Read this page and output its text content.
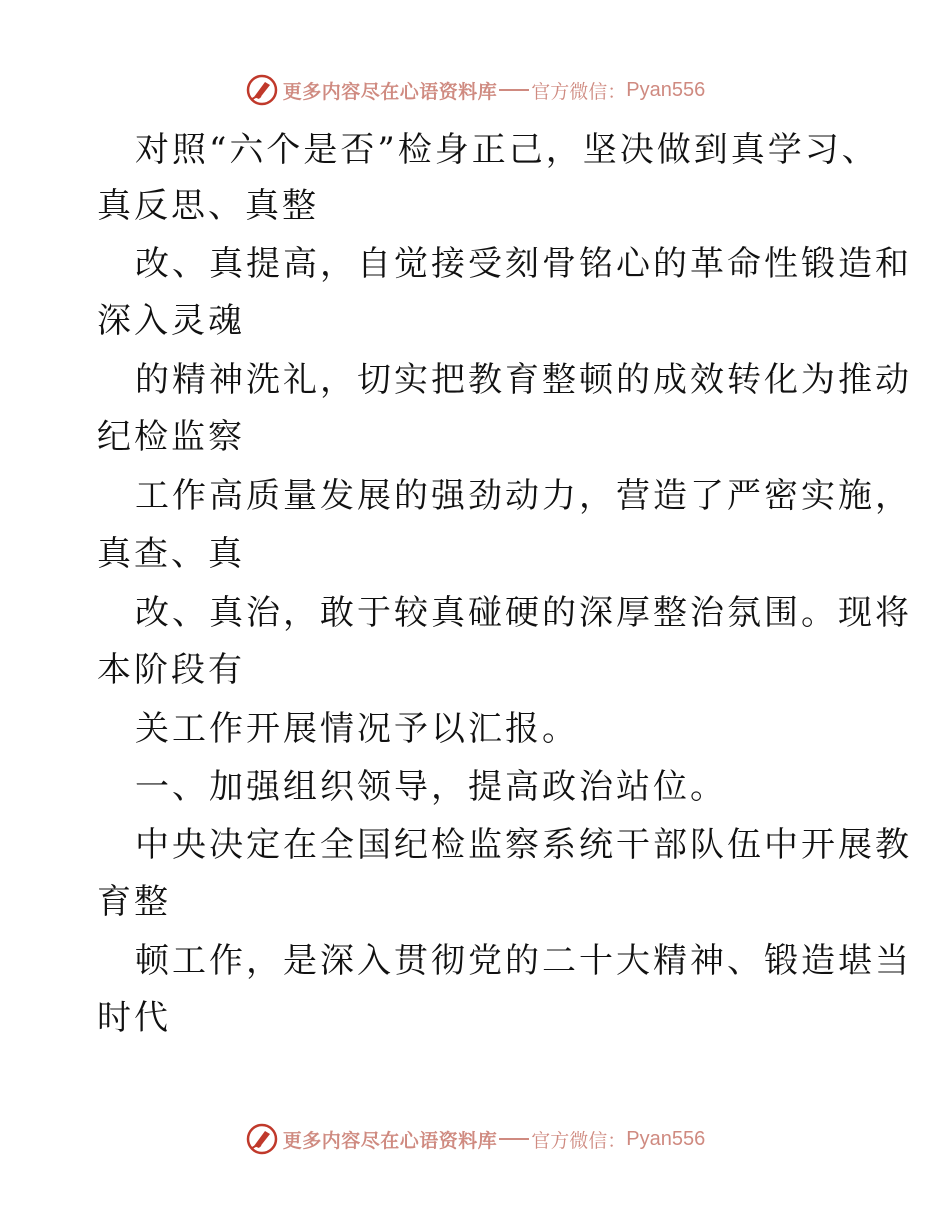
更多内容尽在心语资料库 官方微信： Pyan556
对照“六个是否”检身正己，坚决做到真学习、
真反思、真整
改、真提高，自觉接受刻骨铭心的革命性锻造和
深入灵魂
的精神洗礼，切实把教育整顿的成效转化为推动
纪检监察
工作高质量发展的强劲动力，营造了严密实施，
真查、真
改、真治，敢于较真碰硬的深厚整治氛围。现将
本阶段有
关工作开展情况予以汇报。
一、加强组织领导，提高政治站位。
中央决定在全国纪检监察系统干部队伍中开展教
育整
顿工作，是深入贯彻党的二十大精神、锻造堪当
时代
更多内容尽在心语资料库 官方微信： Pyan556
